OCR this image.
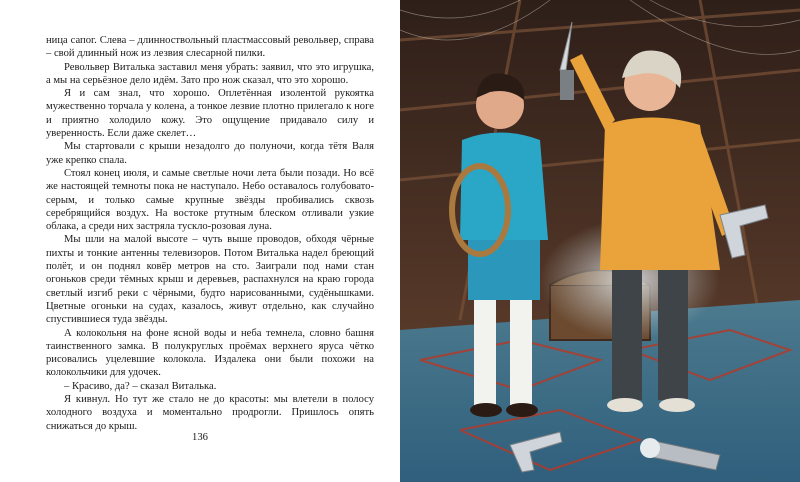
ница сапог. Слева – длинноствольный пластмассовый револьвер, справа – свой длинный нож из лезвия слесарной пилки.

Револьвер Виталька заставил меня убрать: заявил, что это игрушка, а мы на серьёзное дело идём. Зато про нож сказал, что это хорошо.

Я и сам знал, что хорошо. Оплетённая изолентой рукоятка мужественно торчала у колена, а тонкое лезвие плотно прилегало к ноге и приятно холодило кожу. Это ощущение придавало силу и уверенность. Если даже скелет…

Мы стартовали с крыши незадолго до полуночи, когда тётя Валя уже крепко спала.

Стоял конец июля, и самые светлые ночи лета были позади. Но всё же настоящей темноты пока не наступало. Небо оставалось голубовато-серым, и только самые крупные звёзды пробивались сквозь серебрящийся воздух. На востоке ртутным блеском отливали узкие облака, а среди них застряла тускло-розовая луна.

Мы шли на малой высоте – чуть выше проводов, обходя чёрные пихты и тонкие антенны телевизоров. Потом Виталька надел бреющий полёт, и он поднял ковёр метров на сто. Заиграли под нами стан огоньков среди тёмных крыш и деревьев, распахнулся на краю города светлый изгиб реки с чёрными, будто нарисованными, судёнышками. Цветные огоньки на судах, казалось, живут отдельно, как случайно спустившиеся туда звёзды.

А колокольня на фоне ясной воды и неба темнела, словно башня таинственного замка. В полукруглых проёмах верхнего яруса чётко рисовались уцелевшие колокола. Издалека они были похожи на колокольчики для удочек.

– Красиво, да? – сказал Виталька.

Я кивнул. Но тут же стало не до красоты: мы влетели в полосу холодного воздуха и моментально продрогли. Пришлось опять снижаться до крыш.

136
